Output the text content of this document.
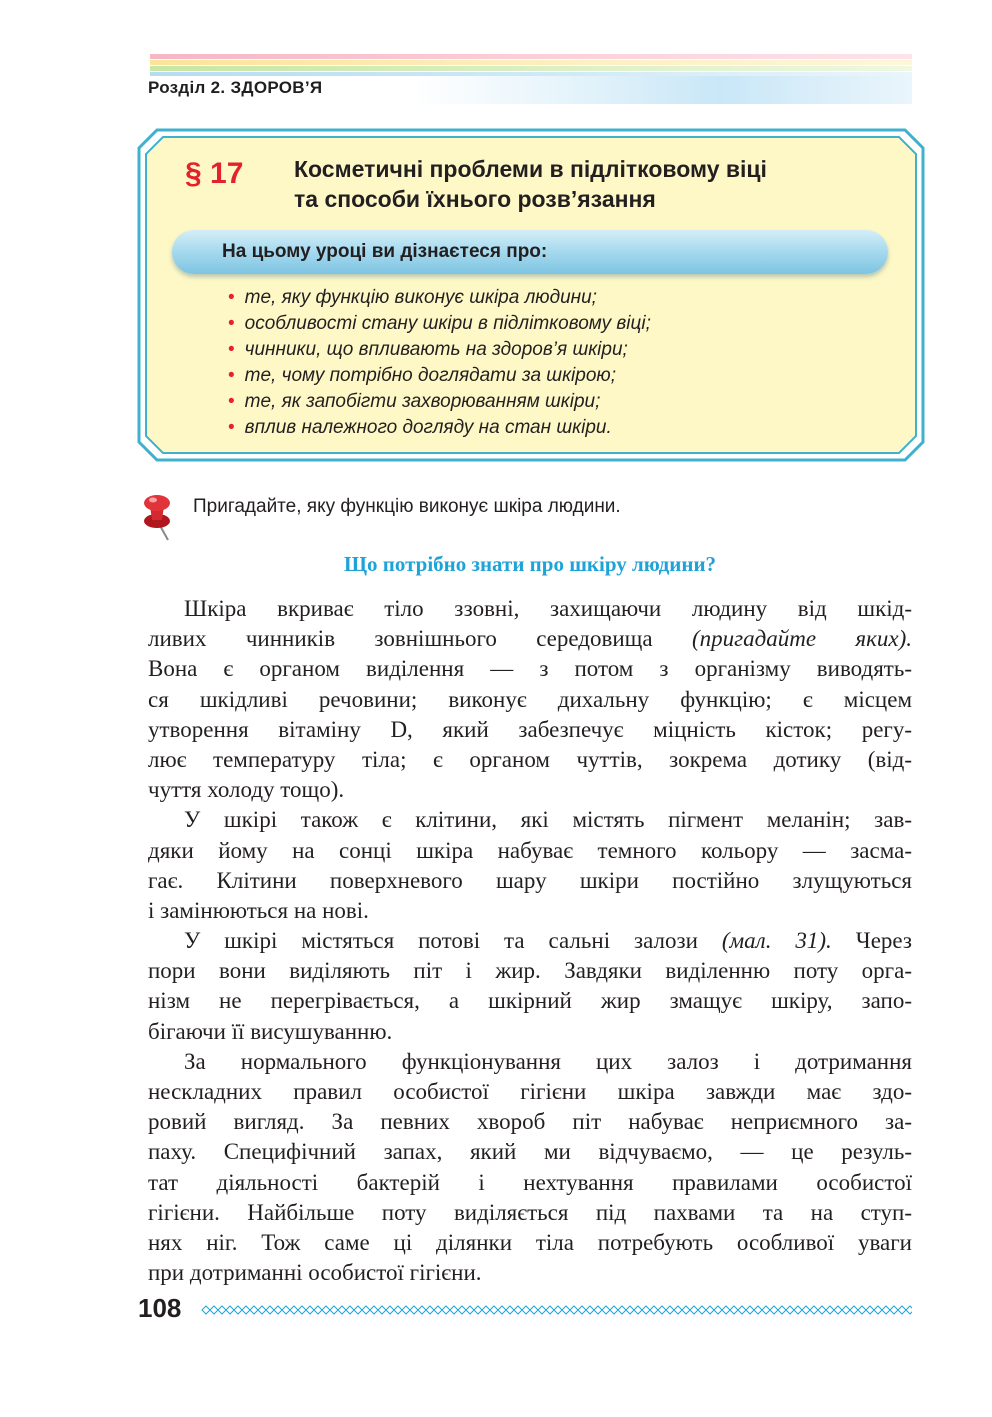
Розділ 2. ЗДОРОВ’Я
§ 17 Косметичні проблеми в підлітковому віці
та способи їхнього розв’язання
На цьому уроці ви дізнаєтеся про:
• те, яку функцію виконує шкіра людини;
• особливості стану шкіри в підлітковому віці;
• чинники, що впливають на здоров’я шкіри;
• те, чому потрібно доглядати за шкірою;
• те, як запобігти захворюванням шкіри;
• вплив належного догляду на стан шкіри.
Пригадайте, яку функцію виконує шкіра людини.
Що потрібно знати про шкіру людини?
Шкіра вкриває тіло ззовні, захищаючи людину від шкід-
ливих чинників зовнішнього середовища (пригадайте яких).
Вона є органом виділення — з потом з організму виводять-
ся шкідливі речовини; виконує дихальну функцію; є місцем
утворення вітаміну D, який забезпечує міцність кісток; регу-
лює температуру тіла; є органом чуттів, зокрема дотику (від-
чуття холоду тощо).
У шкірі також є клітини, які містять пігмент меланін; зав-
дяки йому на сонці шкіра набуває темного кольору — засма-
гає. Клітини поверхневого шару шкіри постійно злущуються
і замінюються на нові.
У шкірі містяться потові та сальні залози (мал. 31). Через
пори вони виділяють піт і жир. Завдяки виділенню поту орга-
нізм не перегрівається, а шкірний жир змащує шкіру, запо-
бігаючи її висушуванню.
За нормального функціонування цих залоз і дотримання
нескладних правил особистої гігієни шкіра завжди має здо-
ровий вигляд. За певних хвороб піт набуває неприємного за-
паху. Специфічний запах, який ми відчуваємо, — це резуль-
тат діяльності бактерій і нехтування правилами особистої
гігієни. Найбільше поту виділяється під пахвами та на ступ-
нях ніг. Тож саме ці ділянки тіла потребують особливої уваги
при дотриманні особистої гігієни.
108
